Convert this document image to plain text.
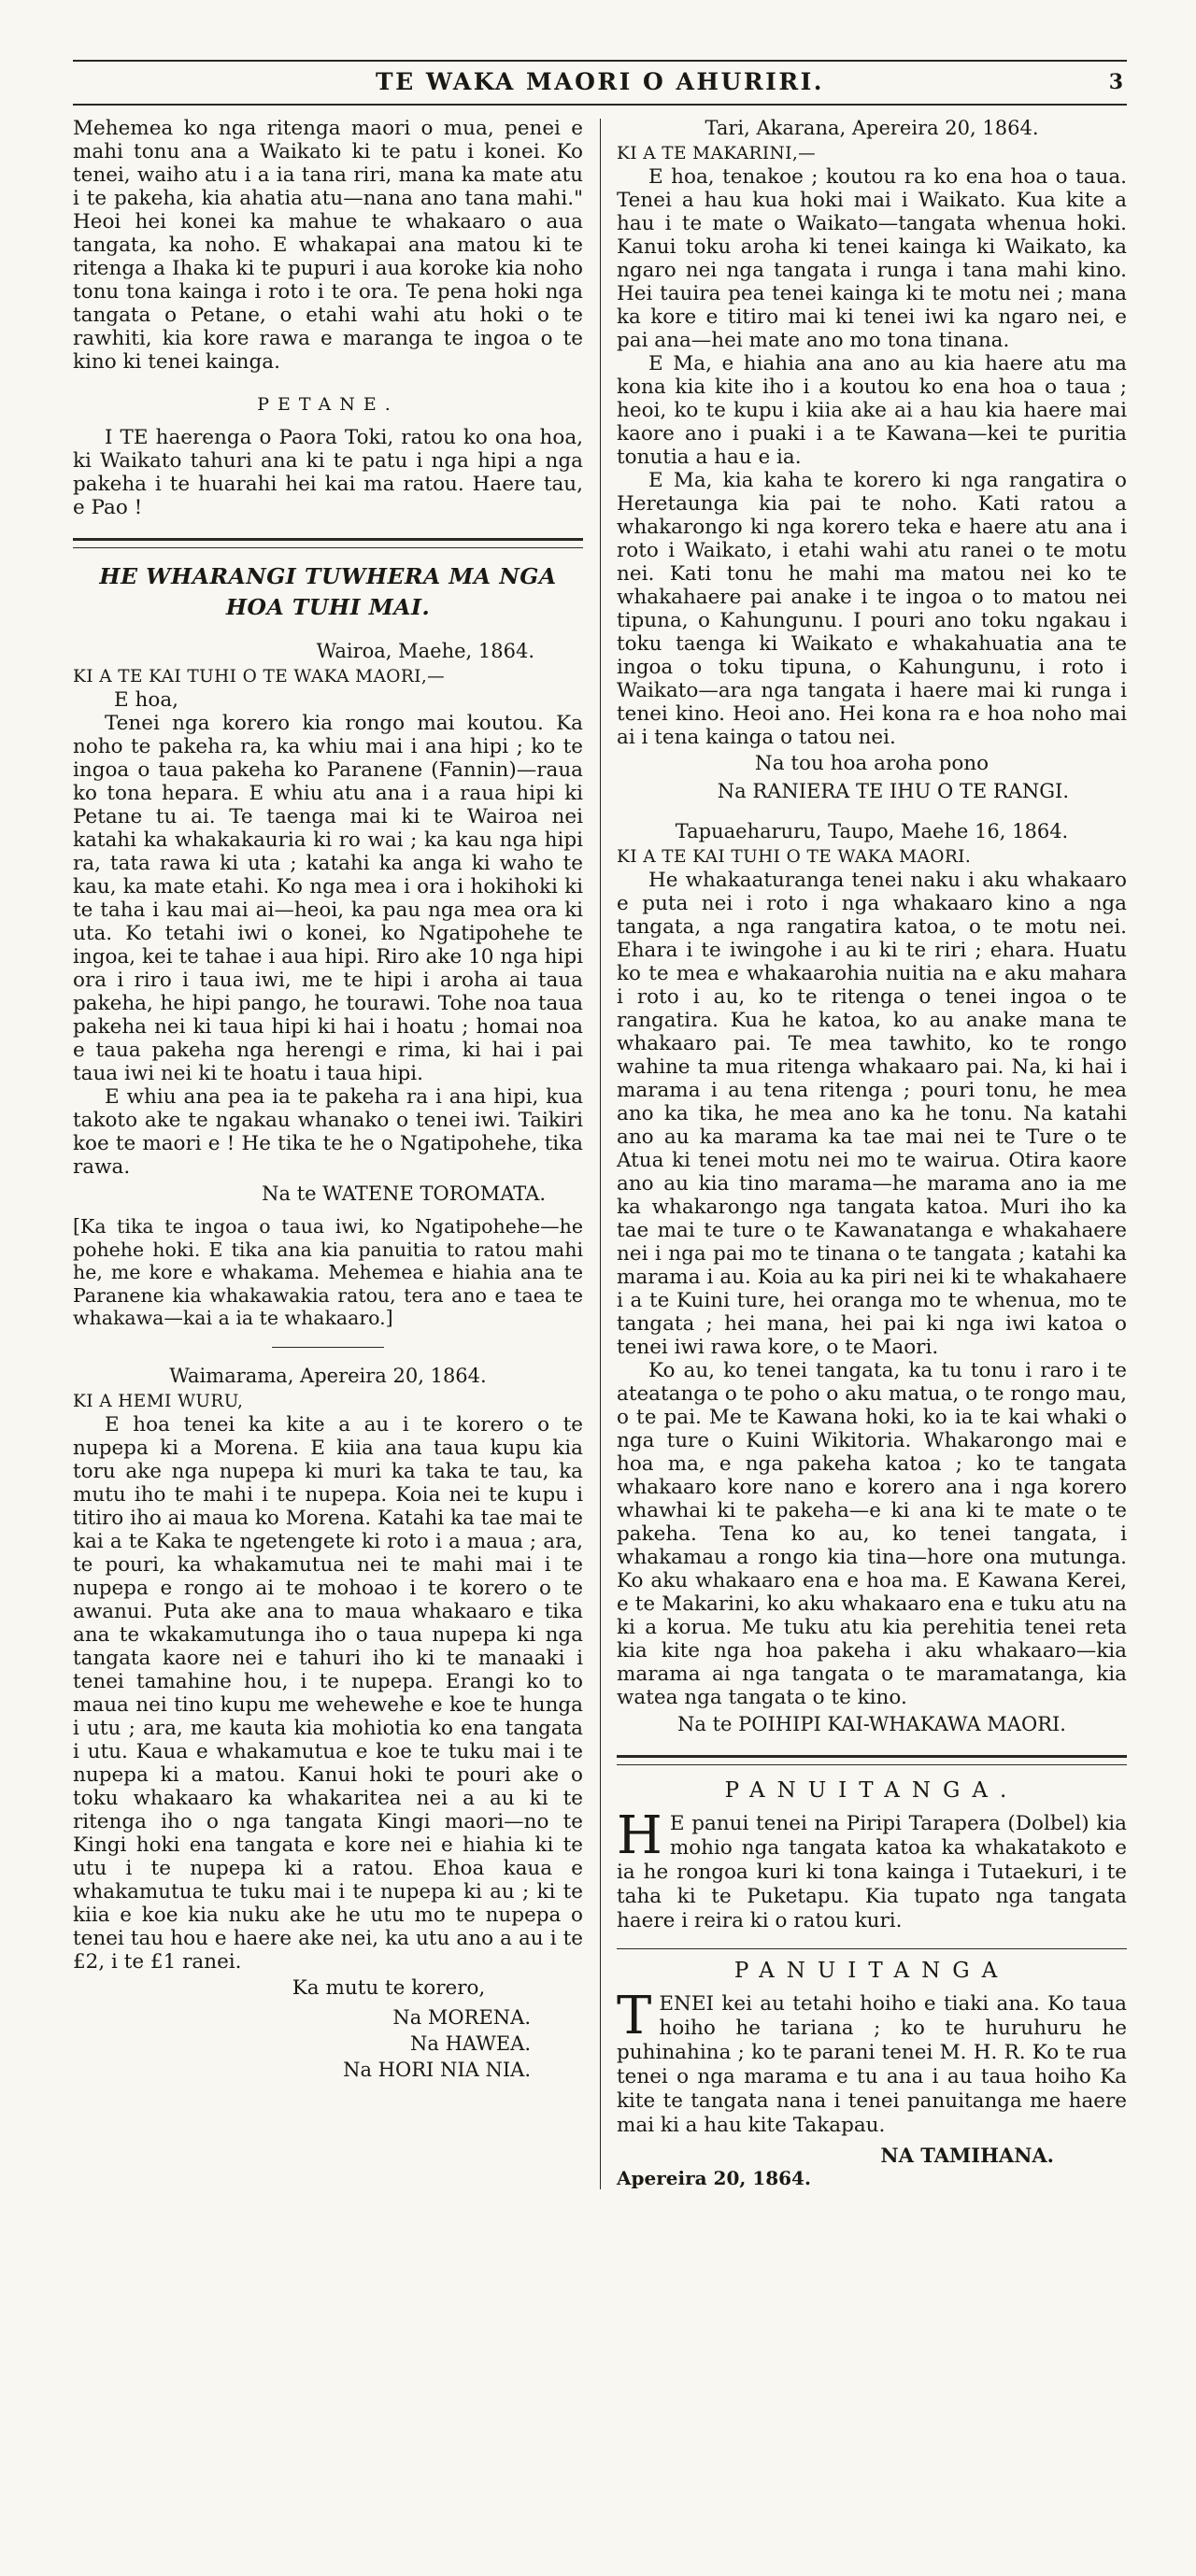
TE WAKA MAORI O AHURIRI.	3

Mehemea ko nga ritenga maori o mua, penei e mahi tonu ana a Waikato ki te patu i konei. Ko tenei, waiho atu i a ia tana riri, mana ka mate atu i te pakeha, kia ahatia atu—nana ano tana mahi." Heoi hei konei ka mahue te whakaaro o aua tangata, ka noho. E whakapai ana matou ki te ritenga a Ihaka ki te pupuri i aua koroke kia noho tonu tona kainga i roto i te ora. Te pena hoki nga tangata o Petane, o etahi wahi atu hoki o te rawhiti, kia kore rawa e maranga te ingoa o te kino ki tenei kainga.

PETANE.

I TE haerenga o Paora Toki, ratou ko ona hoa, ki Waikato tahuri ana ki te patu i nga hipi a nga pakeha i te huarahi hei kai ma ratou. Haere tau, e Pao !

HE WHARANGI TUWHERA MA NGA
HOA TUHI MAI.

Wairoa, Maehe, 1864.

KI A TE KAI TUHI O TE WAKA MAORI,—

E hoa,

Tenei nga korero kia rongo mai koutou. Ka noho te pakeha ra, ka whiu mai i ana hipi ; ko te ingoa o taua pakeha ko Paranene (Fannin)—raua ko tona hepara. E whiu atu ana i a raua hipi ki Petane tu ai. Te taenga mai ki te Wairoa nei katahi ka whakakauria ki ro wai ; ka kau nga hipi ra, tata rawa ki uta ; katahi ka anga ki waho te kau, ka mate etahi. Ko nga mea i ora i hokihoki ki te taha i kau mai ai—heoi, ka pau nga mea ora ki uta. Ko tetahi iwi o konei, ko Ngatipohehe te ingoa, kei te tahae i aua hipi. Riro ake 10 nga hipi ora i riro i taua iwi, me te hipi i aroha ai taua pakeha, he hipi pango, he tourawi. Tohe noa taua pakeha nei ki taua hipi ki hai i hoatu ; homai noa e taua pakeha nga herengi e rima, ki hai i pai taua iwi nei ki te hoatu i taua hipi.

E whiu ana pea ia te pakeha ra i ana hipi, kua takoto ake te ngakau whanako o tenei iwi. Taikiri koe te maori e ! He tika te he o Ngatipohehe, tika rawa.

Na te WATENE TOROMATA.

[Ka tika te ingoa o taua iwi, ko Ngatipohehe—he pohehe hoki. E tika ana kia panuitia to ratou mahi he, me kore e whakama. Mehemea e hiahia ana te Paranene kia whakawakia ratou, tera ano e taea te whakawa—kai a ia te whakaaro.]

Waimarama, Apereira 20, 1864.

KI A HEMI WURU,

E hoa tenei ka kite a au i te korero o te nupepa ki a Morena. E kiia ana taua kupu kia toru ake nga nupepa ki muri ka taka te tau, ka mutu iho te mahi i te nupepa. Koia nei te kupu i titiro iho ai maua ko Morena. Katahi ka tae mai te kai a te Kaka te ngetengete ki roto i a maua ; ara, te pouri, ka whakamutua nei te mahi mai i te nupepa e rongo ai te mohoao i te korero o te awanui. Puta ake ana to maua whakaaro e tika ana te wkakamutunga iho o taua nupepa ki nga tangata kaore nei e tahuri iho ki te manaaki i tenei tamahine hou, i te nupepa. Erangi ko to maua nei tino kupu me wehewehe e koe te hunga i utu ; ara, me kauta kia mohiotia ko ena tangata i utu. Kaua e whakamutua e koe te tuku mai i te nupepa ki a matou. Kanui hoki te pouri ake o toku whakaaro ka whakaritea nei a au ki te ritenga iho o nga tangata Kingi maori—no te Kingi hoki ena tangata e kore nei e hiahia ki te utu i te nupepa ki a ratou. Ehoa kaua e whakamutua te tuku mai i te nupepa ki au ; ki te kiia e koe kia nuku ake he utu mo te nupepa o tenei tau hou e haere ake nei, ka utu ano a au i te £2, i te £1 ranei.

Ka mutu te korero,

Na MORENA.

Na HAWEA.

Na HORI NIA NIA.

Tari, Akarana, Apereira 20, 1864.

KI A TE MAKARINI,—

E hoa, tenakoe ; koutou ra ko ena hoa o taua. Tenei a hau kua hoki mai i Waikato. Kua kite a hau i te mate o Waikato—tangata whenua hoki. Kanui toku aroha ki tenei kainga ki Waikato, ka ngaro nei nga tangata i runga i tana mahi kino. Hei tauira pea tenei kainga ki te motu nei ; mana ka kore e titiro mai ki tenei iwi ka ngaro nei, e pai ana—hei mate ano mo tona tinana.

E Ma, e hiahia ana ano au kia haere atu ma kona kia kite iho i a koutou ko ena hoa o taua ; heoi, ko te kupu i kiia ake ai a hau kia haere mai kaore ano i puaki i a te Kawana—kei te puritia tonutia a hau e ia.

E Ma, kia kaha te korero ki nga rangatira o Heretaunga kia pai te noho. Kati ratou a whakarongo ki nga korero teka e haere atu ana i roto i Waikato, i etahi wahi atu ranei o te motu nei. Kati tonu he mahi ma matou nei ko te whakahaere pai anake i te ingoa o to matou nei tipuna, o Kahungunu. I pouri ano toku ngakau i toku taenga ki Waikato e whakahuatia ana te ingoa o toku tipuna, o Kahungunu, i roto i Waikato—ara nga tangata i haere mai ki runga i tenei kino. Heoi ano. Hei kona ra e hoa noho mai ai i tena kainga o tatou nei.

Na tou hoa aroha pono

Na RANIERA TE IHU O TE RANGI.

Tapuaeharuru, Taupo, Maehe 16, 1864.

KI A TE KAI TUHI O TE WAKA MAORI.

He whakaaturanga tenei naku i aku whakaaro e puta nei i roto i nga whakaaro kino a nga tangata, a nga rangatira katoa, o te motu nei. Ehara i te iwingohe i au ki te riri ; ehara. Huatu ko te mea e whakaarohia nuitia na e aku mahara i roto i au, ko te ritenga o tenei ingoa o te rangatira. Kua he katoa, ko au anake mana te whakaaro pai. Te mea tawhito, ko te rongo wahine ta mua ritenga whakaaro pai. Na, ki hai i marama i au tena ritenga ; pouri tonu, he mea ano ka tika, he mea ano ka he tonu. Na katahi ano au ka marama ka tae mai nei te Ture o te Atua ki tenei motu nei mo te wairua. Otira kaore ano au kia tino marama—he marama ano ia me ka whakarongo nga tangata katoa. Muri iho ka tae mai te ture o te Kawanatanga e whakahaere nei i nga pai mo te tinana o te tangata ; katahi ka marama i au. Koia au ka piri nei ki te whakahaere i a te Kuini ture, hei oranga mo te whenua, mo te tangata ; hei mana, hei pai ki nga iwi katoa o tenei iwi rawa kore, o te Maori.

Ko au, ko tenei tangata, ka tu tonu i raro i te ateatanga o te poho o aku matua, o te rongo mau, o te pai. Me te Kawana hoki, ko ia te kai whaki o nga ture o Kuini Wikitoria. Whakarongo mai e hoa ma, e nga pakeha katoa ; ko te tangata whakaaro kore nano e korero ana i nga korero whawhai ki te pakeha—e ki ana ki te mate o te pakeha. Tena ko au, ko tenei tangata, i whakamau a rongo kia tina—hore ona mutunga. Ko aku whakaaro ena e hoa ma. E Kawana Kerei, e te Makarini, ko aku whakaaro ena e tuku atu na ki a korua. Me tuku atu kia perehitia tenei reta kia kite nga hoa pakeha i aku whakaaro—kia marama ai nga tangata o te maramatanga, kia watea nga tangata o te kino.

Na te POIHIPI KAI-WHAKAWA MAORI.

PANUITANGA.

H E panui tenei na Piripi Tarapera (Dolbel) kia mohio nga tangata katoa ka whakatakoto e ia he rongoa kuri ki tona kainga i Tutaekuri, i te taha ki te Puketapu. Kia tupato nga tangata haere i reira ki o ratou kuri.

PANUITANGA

TENEI kei au tetahi hoiho e tiaki ana. Ko taua hoiho he tariana ; ko te huruhuru he puhinahina ; ko te parani tenei M. H. R. Ko te rua tenei o nga marama e tu ana i au taua hoiho Ka kite te tangata nana i tenei panuitanga me haere mai ki a hau kite Takapau.

NA TAMIHANA.

Apereira 20, 1864.
